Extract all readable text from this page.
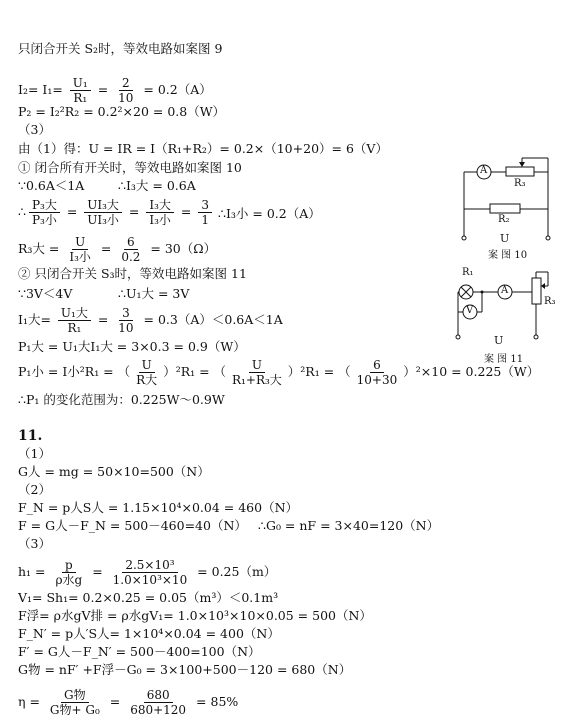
只闭合开关 S₂时，等效电路如案图 9
$I_2= I_1= \frac{\text{U₁}}{\text{R₁}} = \frac{2}{10} = 0.2(A)$
P₂ = I₂²R₂ = 0.2²×20 = 0.8（W）
（3）
由（1）得：U = IR = I（R₁+R₂）= 0.2×（10+20）= 6（V）
① 闭合所有开关时，等效电路如案图 10
∵0.6A＜1A	∴I₃大 = 0.6A
∴ $\frac{\text{P₃大}}{\text{P₃小}} = \frac{\text{UI₃大}}{\text{UI₃小}} = \frac{\text{I₃大}}{\text{I₃小}} = \frac{3}{1}$ ∴I₃小 = 0.2（A）
R₃大 = $\frac{U}{\text{I₃小}} = \frac{6}{0.2} = 30(\Omega)$
② 只闭合开关 S₃时，等效电路如案图 11
∵3V＜4V	∴U₁大 = 3V
I₁大= $\frac{\text{U₁大}}{\text{R₁}} = \frac{3}{10} = 0.3(A)<0.6A<1A$
P₁大 = U₁大I₁大 = 3×0.3 = 0.9（W）
P₁小 = I小²R₁ = （ $\frac{U}{\text{R大}} )^2R_1$ = （ $\frac{U}{\text{R₁+R₃大}} )^2R_1$ = （ $\frac{6}{10+30} )^2\times 10 = 0.225(W)$
∴P₁ 的变化范围为：0.225W～0.9W
11.
（1）
G人 = mg = 50×10=500（N）
（2）
F_N = p人S人 = 1.15×10⁴×0.04 = 460（N）
F = G人－F_N = 500－460=40（N） ∴G₀ = nF = 3×40=120（N）
（3）
$h_1 = \frac{p}{\text{ρ水g}} = \frac{\text{2.5×10³}}{\text{1.0×10³×10}} = 0.25(m)$
V₁= Sh₁= 0.2×0.25 = 0.05（m³）＜0.1m³
F浮= ρ水gV排 = ρ水gV₁= 1.0×10³×10×0.05 = 500（N）
F_N′ = p人′S人= 1×10⁴×0.04 = 400（N）
F′ = G人－F_N′ = 500－400=100（N）
G物 = nF′ +F浮－G₀ = 3×100+500－120 = 680（N）
$\eta = \frac{\text{G物}}{\text{G物+ G₀}} = \frac{680}{680+120} = 85\%$
A
R₃
R₂
U
案 图 10
R₁
A
V
R₃
U
案 图 11
